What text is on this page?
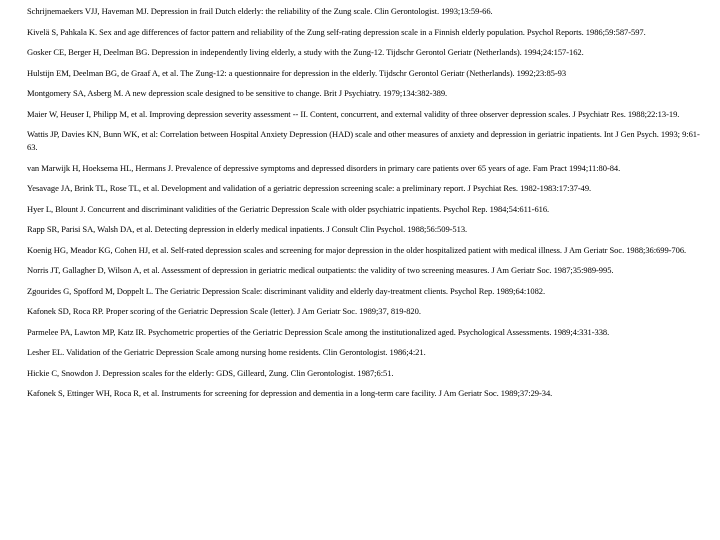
Schrijnemaekers VJJ, Haveman MJ. Depression in frail Dutch elderly: the reliability of the Zung scale. Clin Gerontologist. 1993;13:59-66.

Kivelä S, Pahkala K. Sex and age differences of factor pattern and reliability of the Zung self-rating depression scale in a Finnish elderly population. Psychol Reports. 1986;59:587-597.

Gosker CE, Berger H, Deelman BG. Depression in independently living elderly, a study with the Zung-12. Tijdschr Gerontol Geriatr (Netherlands). 1994;24:157-162.

Hulstijn EM, Deelman BG, de Graaf A, et al. The Zung-12: a questionnaire for depression in the elderly. Tijdschr Gerontol Geriatr (Netherlands). 1992;23:85-93

Montgomery SA, Asberg M. A new depression scale designed to be sensitive to change. Brit J Psychiatry. 1979;134:382-389.

Maier W, Heuser I, Philipp M, et al. Improving depression severity assessment -- II. Content, concurrent, and external validity of three observer depression scales. J Psychiatr Res. 1988;22:13-19.

Wattis JP, Davies KN, Bunn WK, et al: Correlation between Hospital Anxiety Depression (HAD) scale and other measures of anxiety and depression in geriatric inpatients. Int J Gen Psych. 1993; 9:61-63.

van Marwijk H, Hoeksema HL, Hermans J. Prevalence of depressive symptoms and depressed disorders in primary care patients over 65 years of age. Fam Pract 1994;11:80-84.

Yesavage JA, Brink TL, Rose TL, et al. Development and validation of a geriatric depression screening scale: a preliminary report. J Psychiat Res. 1982-1983:17:37-49.

Hyer L, Blount J. Concurrent and discriminant validities of the Geriatric Depression Scale with older psychiatric inpatients. Psychol Rep. 1984;54:611-616.

Rapp SR, Parisi SA, Walsh DA, et al. Detecting depression in elderly medical inpatients. J Consult Clin Psychol. 1988;56:509-513.

Koenig HG, Meador KG, Cohen HJ, et al. Self-rated depression scales and screening for major depression in the older hospitalized patient with medical illness. J Am Geriatr Soc. 1988;36:699-706.

Norris JT, Gallagher D, Wilson A, et al. Assessment of depression in geriatric medical outpatients: the validity of two screening measures. J Am Geriatr Soc. 1987;35:989-995.

Zgourides G, Spofford M, Doppelt L. The Geriatric Depression Scale: discriminant validity and elderly day-treatment clients. Psychol Rep. 1989;64:1082.

Kafonek SD, Roca RP. Proper scoring of the Geriatric Depression Scale (letter). J Am Geriatr Soc. 1989;37, 819-820.

Parmelee PA, Lawton MP, Katz IR. Psychometric properties of the Geriatric Depression Scale among the institutionalized aged. Psychological Assessments. 1989;4:331-338.

Lesher EL. Validation of the Geriatric Depression Scale among nursing home residents. Clin Gerontologist. 1986;4:21.

Hickie C, Snowdon J. Depression scales for the elderly: GDS, Gilleard, Zung. Clin Gerontologist. 1987;6:51.

Kafonek S, Ettinger WH, Roca R, et al. Instruments for screening for depression and dementia in a long-term care facility. J Am Geriatr Soc. 1989;37:29-34.
